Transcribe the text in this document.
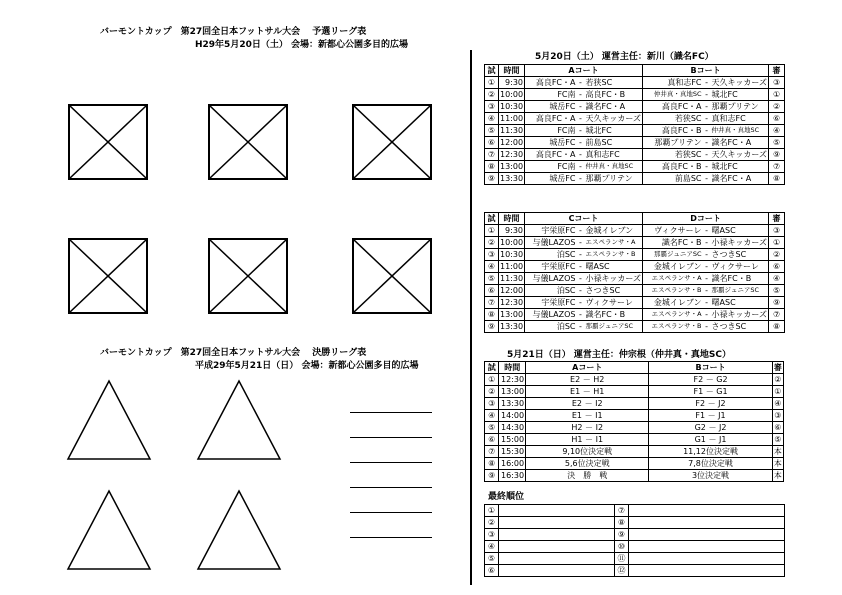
バーモントカップ　第27回全日本フットサル大会　 予選リーグ表
H29年5月20日（土） 会場：新都心公園多目的広場
バーモントカップ　第27回全日本フットサル大会　 決勝リーグ表
平成29年5月21日（日） 会場：新都心公園多目的広場
5月20日（土） 運営主任：新川（識名FC）
試	時間	Aコート			Bコート			審
①	9:30	高良FC・A	-	若狭SC	真和志FC	-	天久キッカーズ	③
②	10:00	FC南	-	高良FC・B	仲井真・真地SC	-	城北FC	①
③	10:30	城岳FC	-	識名FC・A	高良FC・A	-	那覇プリテン	②
④	11:00	高良FC・A	-	天久キッカーズ	若狭SC	-	真和志FC	⑥
⑤	11:30	FC南	-	城北FC	高良FC・B	-	仲井真・真地SC	④
⑥	12:00	城岳FC	-	前島SC	那覇プリテン	-	識名FC・A	⑤
⑦	12:30	高良FC・A	-	真和志FC	若狭SC	-	天久キッカーズ	⑨
⑧	13:00	FC南	-	仲井真・真地SC	高良FC・B	-	城北FC	⑦
⑨	13:30	城岳FC	-	那覇プリテン	前島SC	-	識名FC・A	⑧
試	時間	Cコート			Dコート			審
①	9:30	宇栄原FC	-	金城イレブン	ヴィクサーレ	-	曙ASC	③
②	10:00	与儀LAZOS	-	エスペランサ・A	識名FC・B	-	小禄キッカーズ	①
③	10:30	泊SC	-	エスペランサ・B	那覇ジュニアSC	-	さつきSC	②
④	11:00	宇栄原FC	-	曙ASC	金城イレブン	-	ヴィクサーレ	⑥
⑤	11:30	与儀LAZOS	-	小禄キッカーズ	エスペランサ・A	-	識名FC・B	④
⑥	12:00	泊SC	-	さつきSC	エスペランサ・B	-	那覇ジュニアSC	⑤
⑦	12:30	宇栄原FC	-	ヴィクサーレ	金城イレブン	-	曙ASC	⑨
⑧	13:00	与儀LAZOS	-	識名FC・B	エスペランサ・A	-	小禄キッカーズ	⑦
⑨	13:30	泊SC	-	那覇ジュニアSC	エスペランサ・B	-	さつきSC	⑧
5月21日（日） 運営主任：仲宗根（仲井真・真地SC）
試	時間	Aコート	Bコート	審
①	12:30	E2 － H2	F2 － G2	②
②	13:00	E1 － H1	F1 － G1	①
③	13:30	E2 － I2	F2 － J2	④
④	14:00	E1 － I1	F1 － J1	③
⑤	14:30	H2 － I2	G2 － J2	⑥
⑥	15:00	H1 － I1	G1 － J1	⑤
⑦	15:30	9,10位決定戦	11,12位決定戦	本
⑧	16:00	5,6位決定戦	7,8位決定戦	本
⑨	16:30	決　勝　戦	3位決定戦	本
最終順位
①		⑦	
②		⑧	
③		⑨	
④		⑩	
⑤		⑪	
⑥		⑫	
